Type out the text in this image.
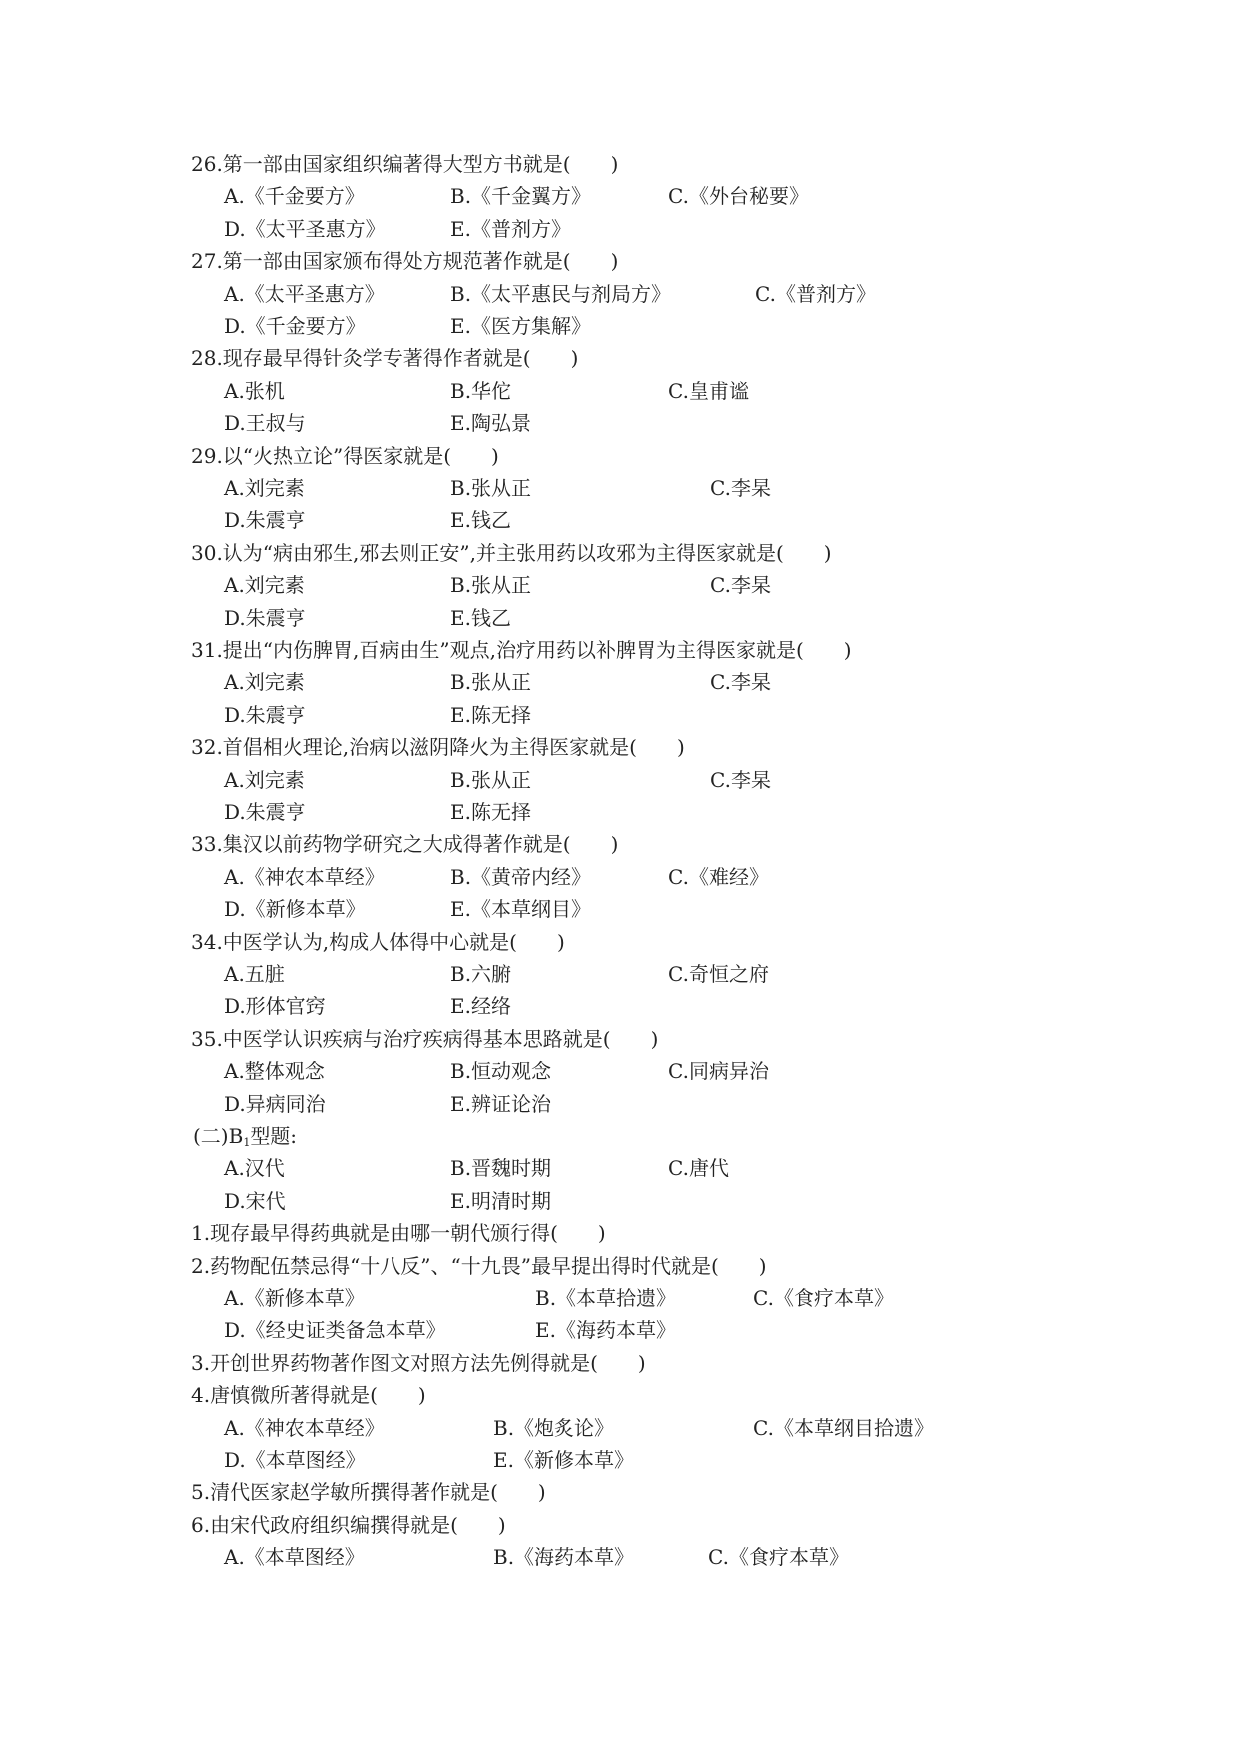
26.第一部由国家组织编著得大型方书就是(　　)
A.《千金要方》	B.《千金翼方》	C.《外台秘要》
D.《太平圣惠方》	E.《普剂方》
27.第一部由国家颁布得处方规范著作就是(　　)
A.《太平圣惠方》	B.《太平惠民与剂局方》	C.《普剂方》
D.《千金要方》	E.《医方集解》
28.现存最早得针灸学专著得作者就是(　　)
A.张机	B.华佗	C.皇甫谧
D.王叔与	E.陶弘景
29.以“火热立论”得医家就是(　　)
A.刘完素	B.张从正	C.李杲
D.朱震亨	E.钱乙
30.认为“病由邪生,邪去则正安”,并主张用药以攻邪为主得医家就是(　　)
A.刘完素	B.张从正	C.李杲
D.朱震亨	E.钱乙
31.提出“内伤脾胃,百病由生”观点,治疗用药以补脾胃为主得医家就是(　　)
A.刘完素	B.张从正	C.李杲
D.朱震亨	E.陈无择
32.首倡相火理论,治病以滋阴降火为主得医家就是(　　)
A.刘完素	B.张从正	C.李杲
D.朱震亨	E.陈无择
33.集汉以前药物学研究之大成得著作就是(　　)
A.《神农本草经》	B.《黄帝内经》	C.《难经》
D.《新修本草》	E.《本草纲目》
34.中医学认为,构成人体得中心就是(　　)
A.五脏	B.六腑	C.奇恒之府
D.形体官窍	E.经络
35.中医学认识疾病与治疗疾病得基本思路就是(　　)
A.整体观念	B.恒动观念	C.同病异治
D.异病同治	E.辨证论治
(二)$B_1$型题:
A.汉代	B.晋魏时期	C.唐代
D.宋代	E.明清时期
1.现存最早得药典就是由哪一朝代颁行得(　　)
2.药物配伍禁忌得“十八反”、“十九畏”最早提出得时代就是(　　)
A.《新修本草》	B.《本草拾遗》	C.《食疗本草》
D.《经史证类备急本草》	E.《海药本草》
3.开创世界药物著作图文对照方法先例得就是(　　)
4.唐慎微所著得就是(　　)
A.《神农本草经》	B.《炮炙论》	C.《本草纲目拾遗》
D.《本草图经》	E.《新修本草》
5.清代医家赵学敏所撰得著作就是(　　)
6.由宋代政府组织编撰得就是(　　)
A.《本草图经》	B.《海药本草》	C.《食疗本草》
